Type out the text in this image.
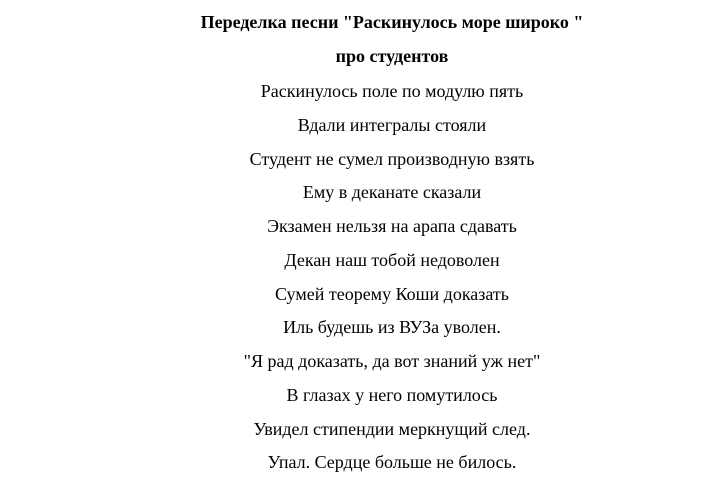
Переделка песни "Раскинулось море широко "
про студентов
Раскинулось поле по модулю пять
Вдали интегралы стояли
Студент не сумел производную взять
Ему в деканате сказали
Экзамен нельзя на арапа сдавать
Декан наш тобой недоволен
Сумей теорему Коши доказать
Иль будешь из ВУЗа уволен.
"Я рад доказать, да вот знаний уж нет"
В глазах у него помутилось
Увидел стипендии меркнущий след.
Упал. Сердце больше не билось.
